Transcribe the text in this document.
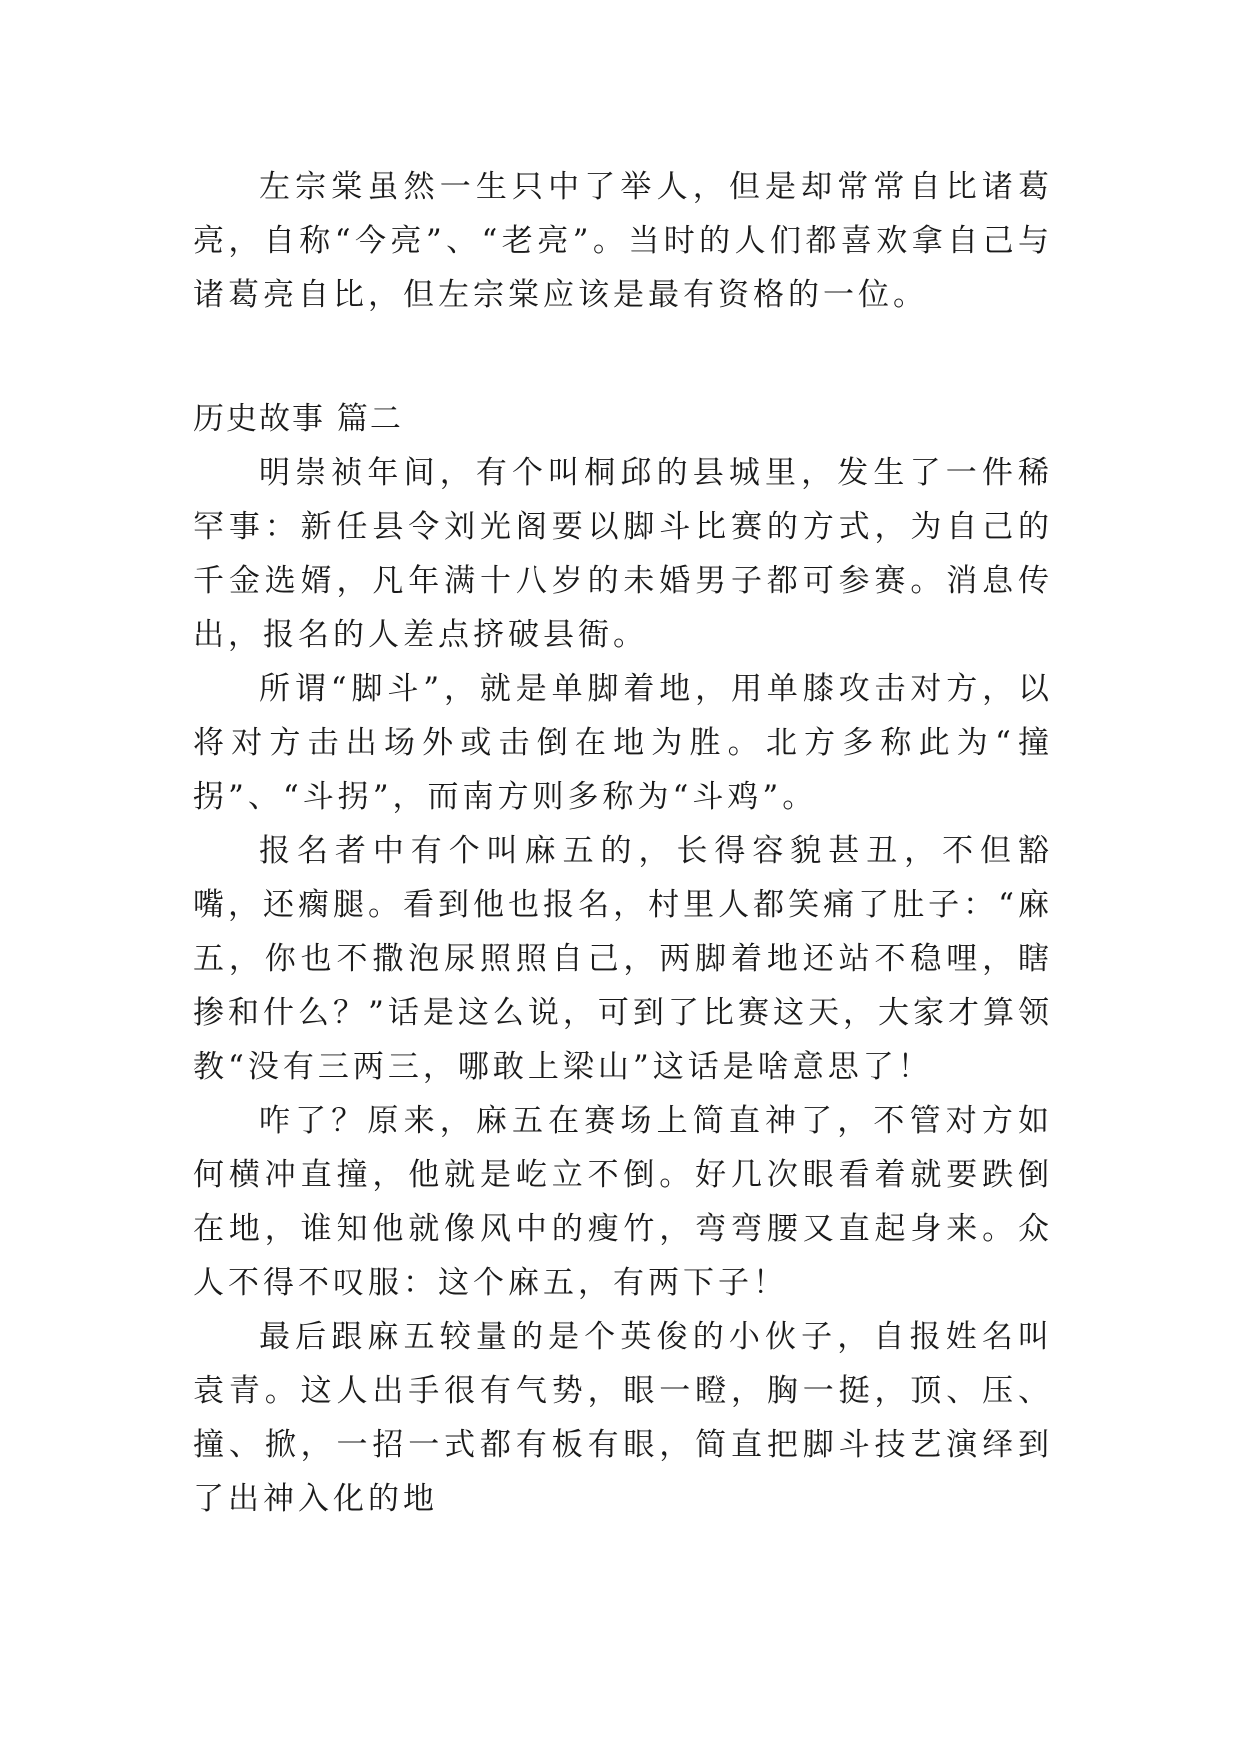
左宗棠虽然一生只中了举人，但是却常常自比诸葛亮，自称“今亮”、“老亮”。当时的人们都喜欢拿自己与诸葛亮自比，但左宗棠应该是最有资格的一位。

历史故事 篇二

明崇祯年间，有个叫桐邱的县城里，发生了一件稀罕事：新任县令刘光阁要以脚斗比赛的方式，为自己的千金选婿，凡年满十八岁的未婚男子都可参赛。消息传出，报名的人差点挤破县衙。

所谓“脚斗”，就是单脚着地，用单膝攻击对方，以将对方击出场外或击倒在地为胜。北方多称此为“撞拐”、“斗拐”，而南方则多称为“斗鸡”。

报名者中有个叫麻五的，长得容貌甚丑，不但豁嘴，还瘸腿。看到他也报名，村里人都笑痛了肚子：“麻五，你也不撒泡尿照照自己，两脚着地还站不稳哩，瞎掺和什么？”话是这么说，可到了比赛这天，大家才算领教“没有三两三，哪敢上梁山”这话是啥意思了！

咋了？原来，麻五在赛场上简直神了，不管对方如何横冲直撞，他就是屹立不倒。好几次眼看着就要跌倒在地，谁知他就像风中的瘦竹，弯弯腰又直起身来。众人不得不叹服：这个麻五，有两下子！

最后跟麻五较量的是个英俊的小伙子，自报姓名叫袁青。这人出手很有气势，眼一瞪，胸一挺，顶、压、撞、掀，一招一式都有板有眼，简直把脚斗技艺演绎到了出神入化的地
